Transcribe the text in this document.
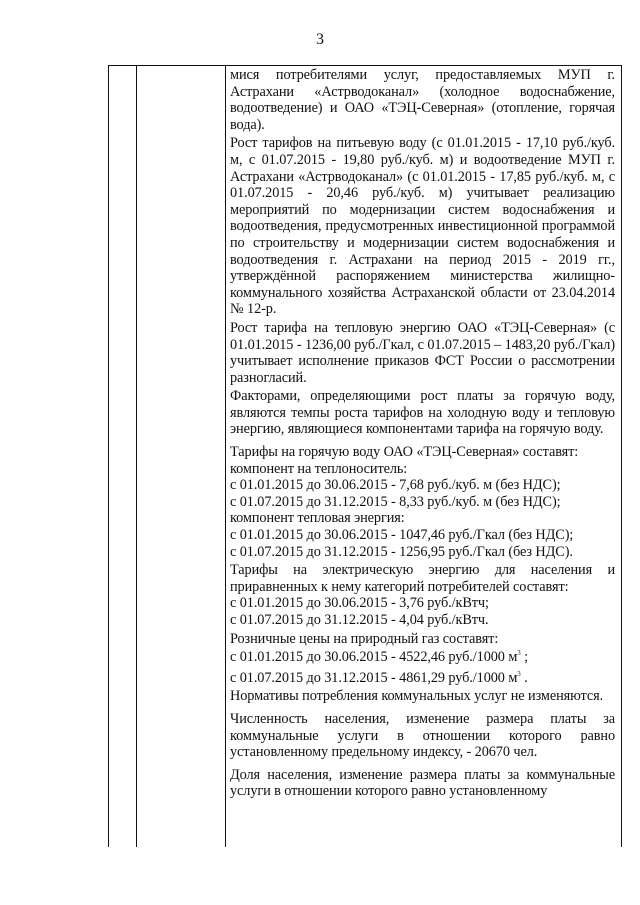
3

мися потребителями услуг, предоставляемых МУП г. Астрахани «Астрводоканал» (холодное водоснабжение, водоотведение) и ОАО «ТЭЦ-Северная» (отопление, горячая вода).

Рост тарифов на питьевую воду (с 01.01.2015 - 17,10 руб./куб. м, с 01.07.2015 - 19,80 руб./куб. м) и водоотведение МУП г. Астрахани «Астрводоканал» (с 01.01.2015 - 17,85 руб./куб. м, с 01.07.2015 - 20,46 руб./куб. м) учитывает реализацию мероприятий по модернизации систем водоснабжения и водоотведения, предусмотренных инвестиционной программой по строительству и модернизации систем водоснабжения и водоотведения г. Астрахани на период 2015 - 2019 гг., утверждённой распоряжением министерства жилищно-коммунального хозяйства Астраханской области от 23.04.2014 № 12-р.

Рост тарифа на тепловую энергию ОАО «ТЭЦ-Северная» (с 01.01.2015 - 1236,00 руб./Гкал, с 01.07.2015 – 1483,20 руб./Гкал) учитывает исполнение приказов ФСТ России о рассмотрении разногласий.

Факторами, определяющими рост платы за горячую воду, являются темпы роста тарифов на холодную воду и тепловую энергию, являющиеся компонентами тарифа на горячую воду.

Тарифы на горячую воду ОАО «ТЭЦ-Северная» составят:

компонент на теплоноситель:

с 01.01.2015 до 30.06.2015 - 7,68 руб./куб. м (без НДС);

с 01.07.2015 до 31.12.2015 - 8,33 руб./куб. м (без НДС);

компонент тепловая энергия:

с 01.01.2015 до 30.06.2015 - 1047,46 руб./Гкал (без НДС);

с 01.07.2015 до 31.12.2015 - 1256,95 руб./Гкал (без НДС).

Тарифы на электрическую энергию для населения и приравненных к нему категорий потребителей составят:

с 01.01.2015 до 30.06.2015 - 3,76 руб./кВтч;

с 01.07.2015 до 31.12.2015 - 4,04 руб./кВтч.

Розничные цены на природный газ составят:

с 01.01.2015 до 30.06.2015 - 4522,46 руб./1000 $м^3$ ;

с 01.07.2015 до 31.12.2015 - 4861,29 руб./1000 $м^3$ .

Нормативы потребления коммунальных услуг не изменяются.

Численность населения, изменение размера платы за коммунальные услуги в отношении которого равно установленному предельному индексу, - 20670 чел.

Доля населения, изменение размера платы за коммунальные услуги в отношении которого равно установленному
